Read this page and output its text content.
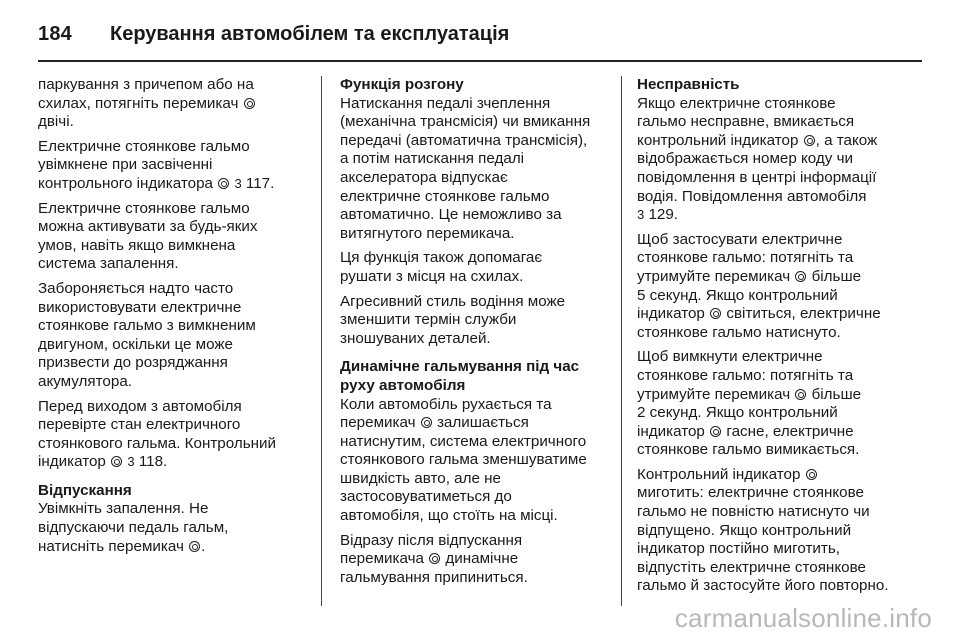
184 Керування автомобілем та експлуатація

паркування з причепом або на
схилах, потягніть перемикач
двічі.

Електричне стоянкове гальмо
увімкнене при засвіченні
контрольного індикатора 3 117.

Електричне стоянкове гальмо
можна активувати за будь-яких
умов, навіть якщо вимкнена
система запалення.

Забороняється надто часто
використовувати електричне
стоянкове гальмо з вимкненим
двигуном, оскільки це може
призвести до розряджання
акумулятора.

Перед виходом з автомобіля
перевірте стан електричного
стоянкового гальма. Контрольний
індикатор 3 118.

Відпускання

Увімкніть запалення. Не
відпускаючи педаль гальм,
натисніть перемикач .

Функція розгону

Натискання педалі зчеплення
(механічна трансмісія) чи вмикання
передачі (автоматична трансмісія),
а потім натискання педалі
акселератора відпускає
електричне стоянкове гальмо
автоматично. Це неможливо за
витягнутого перемикача.

Ця функція також допомагає
рушати з місця на схилах.

Агресивний стиль водіння може
зменшити термін служби
зношуваних деталей.

Динамічне гальмування під час
руху автомобіля

Коли автомобіль рухається та
перемикач залишається
натиснутим, система електричного
стоянкового гальма зменшуватиме
швидкість авто, але не
застосовуватиметься до
автомобіля, що стоїть на місці.

Відразу після відпускання
перемикача динамічне
гальмування припиниться.

Несправність

Якщо електричне стоянкове
гальмо несправне, вмикається
контрольний індикатор , а також
відображається номер коду чи
повідомлення в центрі інформації
водія. Повідомлення автомобіля
3 129.

Щоб застосувати електричне
стоянкове гальмо: потягніть та
утримуйте перемикач більше
5 секунд. Якщо контрольний
індикатор світиться, електричне
стоянкове гальмо натиснуто.

Щоб вимкнути електричне
стоянкове гальмо: потягніть та
утримуйте перемикач більше
2 секунд. Якщо контрольний
індикатор гасне, електричне
стоянкове гальмо вимикається.

Контрольний індикатор
миготить: електричне стоянкове
гальмо не повністю натиснуто чи
відпущено. Якщо контрольний
індикатор постійно миготить,
відпустіть електричне стоянкове
гальмо й застосуйте його повторно.

carmanualsonline.info
